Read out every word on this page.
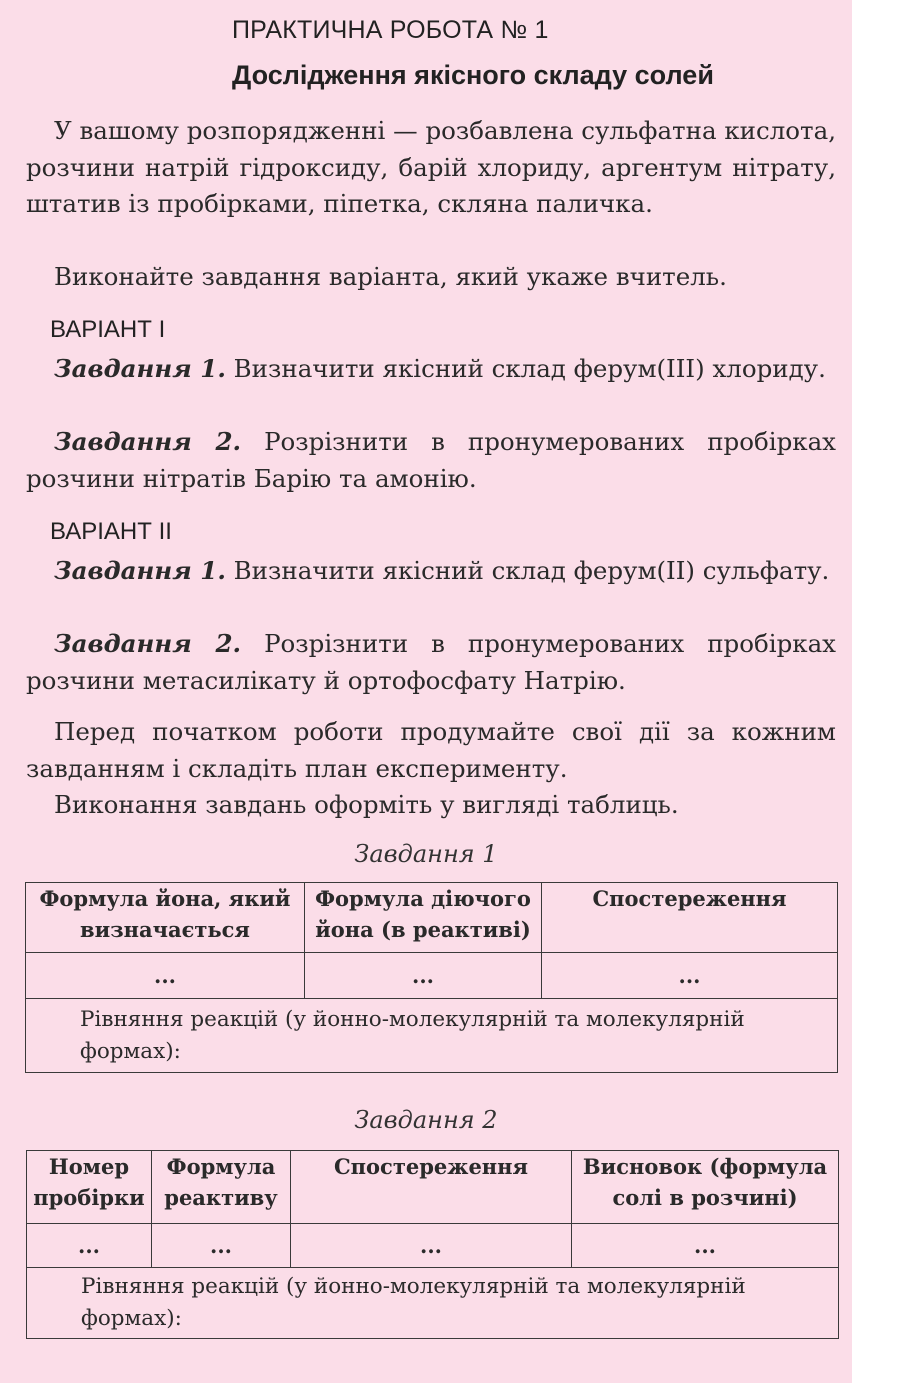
ПРАКТИЧНА РОБОТА № 1
Дослідження якісного складу солей
У вашому розпорядженні — розбавлена сульфатна кислота, розчини натрій гідроксиду, барій хлориду, аргентум нітрату, штатив із пробірками, піпетка, скляна паличка.
Виконайте завдання варіанта, який укаже вчитель.
ВАРІАНТ І
Завдання 1. Визначити якісний склад ферум(ІІІ) хлориду.
Завдання 2. Розрізнити в пронумерованих пробірках розчини нітратів Барію та амонію.
ВАРІАНТ ІІ
Завдання 1. Визначити якісний склад ферум(ІІ) сульфату.
Завдання 2. Розрізнити в пронумерованих пробірках розчини метасилікату й ортофосфату Натрію.
Перед початком роботи продумайте свої дії за кожним завданням і складіть план експерименту.
Виконання завдань оформіть у вигляді таблиць.
Завдання 1
Формула йона, який визначається	Формула діючого йона (в реактиві)	Спостереження
...	...	...
Рівняння реакцій (у йонно-молекулярній та молекулярній формах):		
Завдання 2
Номер пробірки	Формула реактиву	Спостереження	Висновок (формула солі в розчині)
...	...	...	...
Рівняння реакцій (у йонно-молекулярній та молекулярній формах):			
